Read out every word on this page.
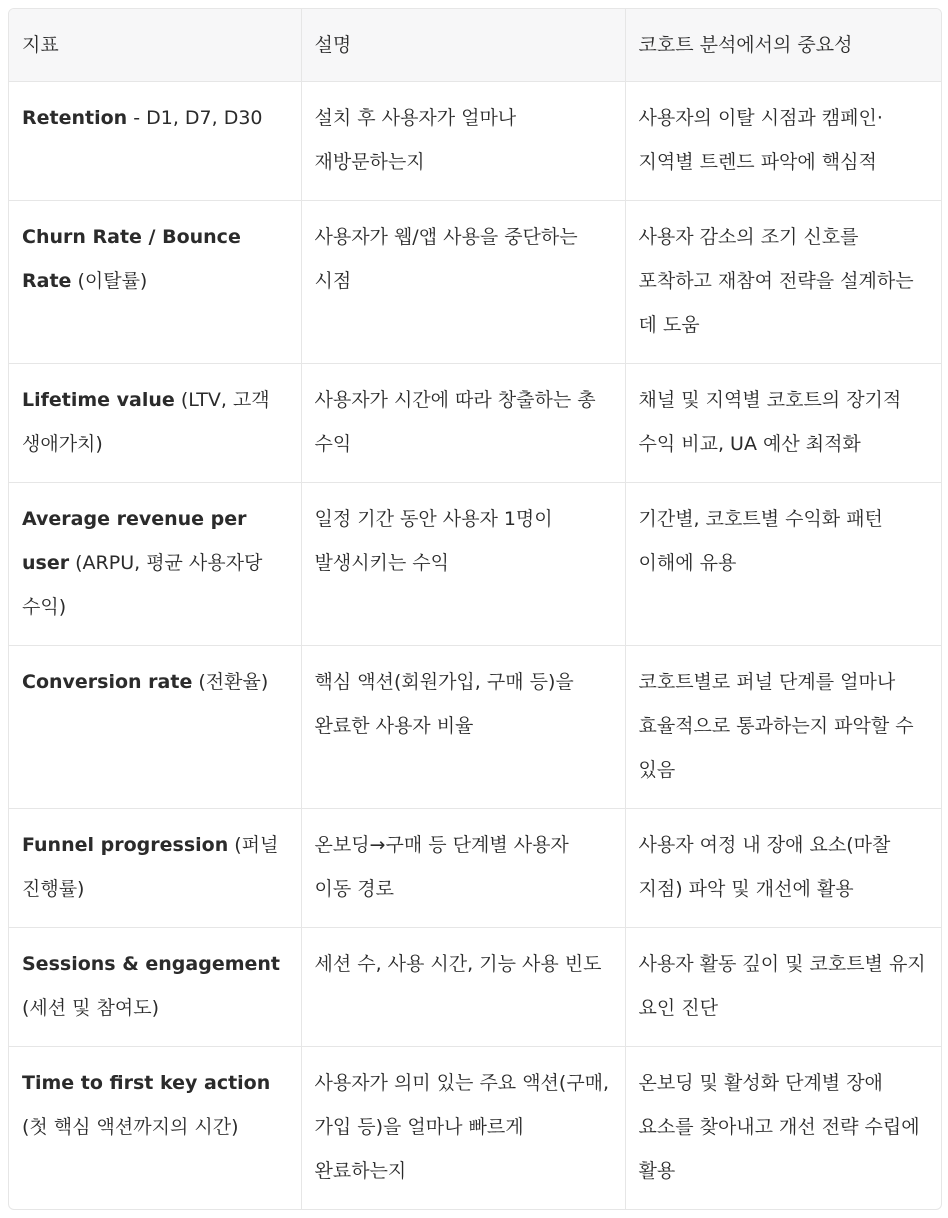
지표	설명	코호트 분석에서의 중요성
Retention - D1, D7, D30	설치 후 사용자가 얼마나 재방문하는지	사용자의 이탈 시점과 캠페인·지역별 트렌드 파악에 핵심적
Churn Rate / Bounce Rate (이탈률)	사용자가 웹/앱 사용을 중단하는 시점	사용자 감소의 조기 신호를 포착하고 재참여 전략을 설계하는 데 도움
Lifetime value (LTV, 고객 생애가치)	사용자가 시간에 따라 창출하는 총 수익	채널 및 지역별 코호트의 장기적 수익 비교, UA 예산 최적화
Average revenue per user (ARPU, 평균 사용자당 수익)	일정 기간 동안 사용자 1명이 발생시키는 수익	기간별, 코호트별 수익화 패턴 이해에 유용
Conversion rate (전환율)	핵심 액션(회원가입, 구매 등)을 완료한 사용자 비율	코호트별로 퍼널 단계를 얼마나 효율적으로 통과하는지 파악할 수 있음
Funnel progression (퍼널 진행률)	온보딩→구매 등 단계별 사용자 이동 경로	사용자 여정 내 장애 요소(마찰 지점) 파악 및 개선에 활용
Sessions & engagement (세션 및 참여도)	세션 수, 사용 시간, 기능 사용 빈도	사용자 활동 깊이 및 코호트별 유지 요인 진단
Time to first key action (첫 핵심 액션까지의 시간)	사용자가 의미 있는 주요 액션(구매, 가입 등)을 얼마나 빠르게 완료하는지	온보딩 및 활성화 단계별 장애 요소를 찾아내고 개선 전략 수립에 활용
